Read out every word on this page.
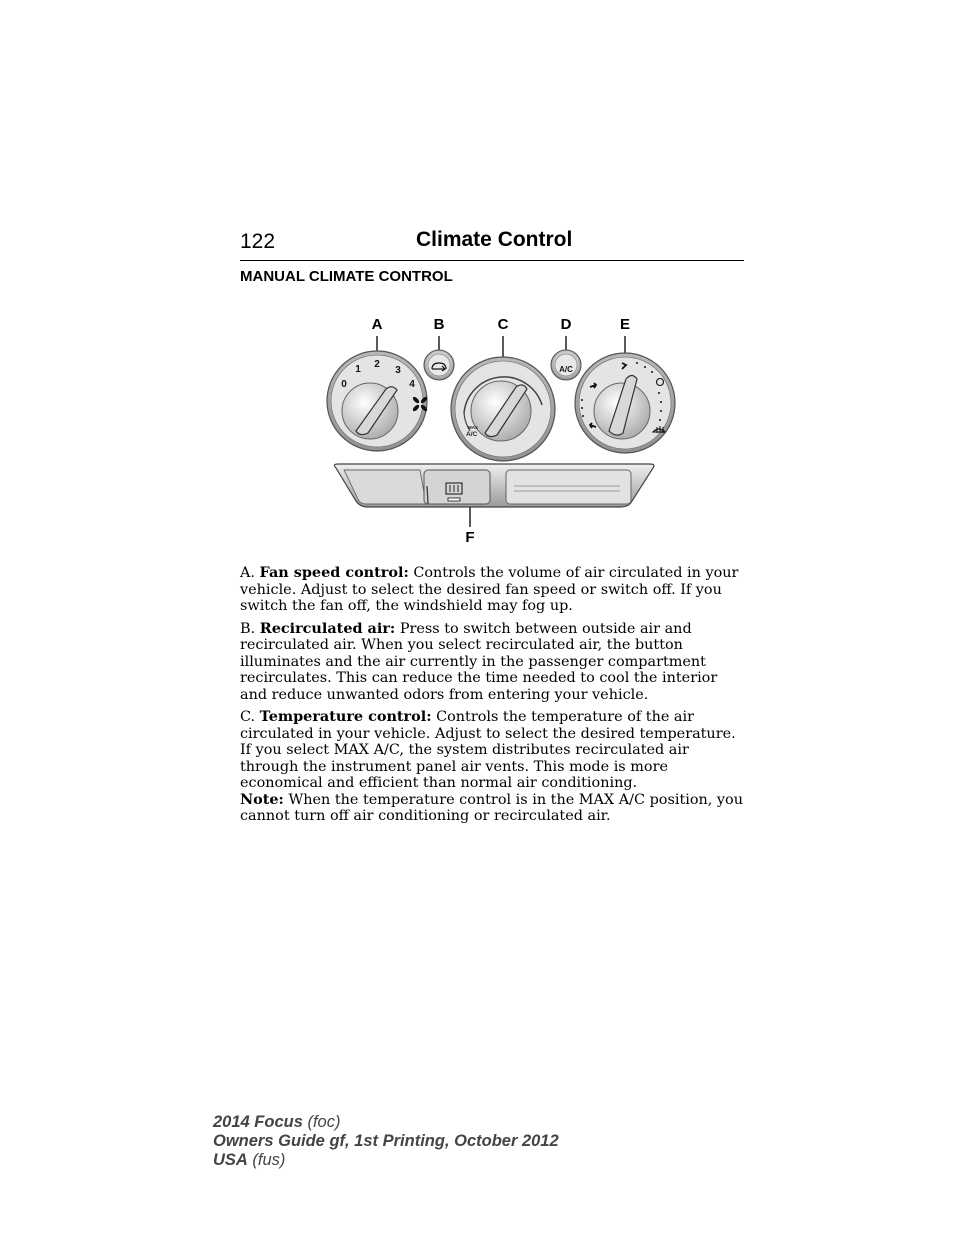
122	Climate Control
MANUAL CLIMATE CONTROL
A	B	C	D	E
F
0
1 2
3
4
MAX
A/C
A/C

A. Fan speed control: Controls the volume of air circulated in your vehicle. Adjust to select the desired fan speed or switch off. If you switch the fan off, the windshield may fog up.

B. Recirculated air: Press to switch between outside air and recirculated air. When you select recirculated air, the button illuminates and the air currently in the passenger compartment recirculates. This can reduce the time needed to cool the interior and reduce unwanted odors from entering your vehicle.

C. Temperature control: Controls the temperature of the air circulated in your vehicle. Adjust to select the desired temperature. If you select MAX A/C, the system distributes recirculated air through the instrument panel air vents. This mode is more economical and efficient than normal air conditioning.

Note: When the temperature control is in the MAX A/C position, you cannot turn off air conditioning or recirculated air.

2014 Focus (foc)
Owners Guide gf, 1st Printing, October 2012
USA (fus)
